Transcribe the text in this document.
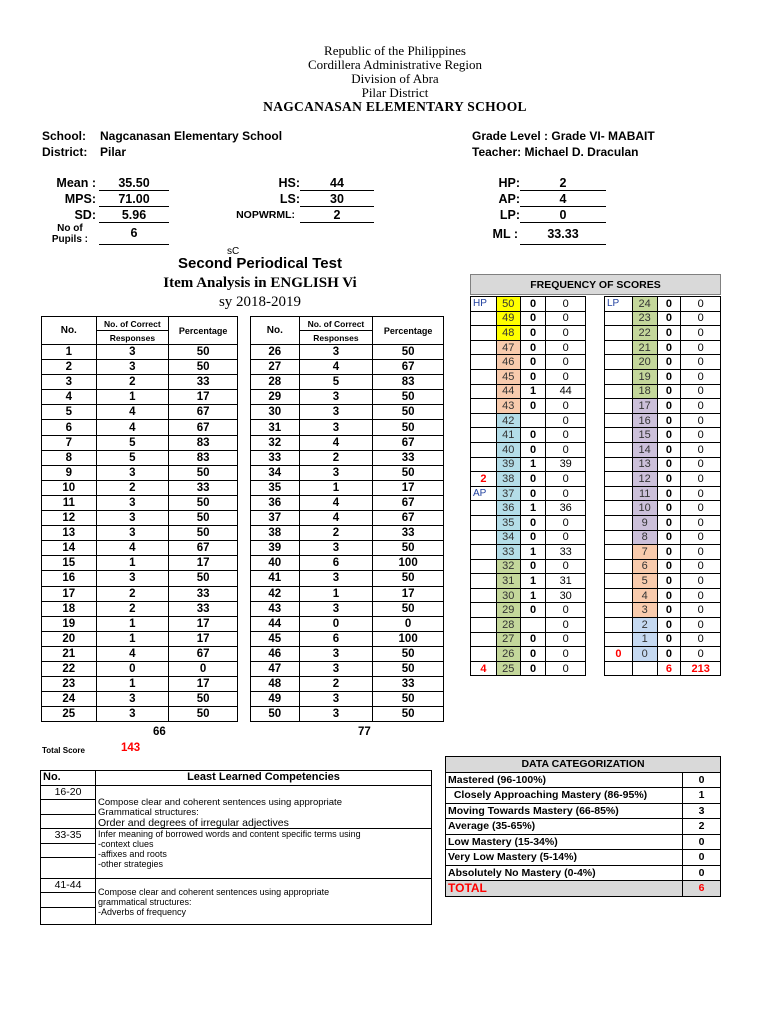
Republic of the Philippines
Cordillera Administrative Region
Division of Abra
Pilar District
NAGCANASAN ELEMENTARY SCHOOL
School: Nagcanasan Elementary School
District: Pilar
Grade Level : Grade VI- MABAIT
Teacher: Michael D. Draculan
Mean :	35.50
MPS:	71.00
SD:	5.96
No of
Pupils :	6
HS:	44
LS:	30
NOPWRML:	2
HP:	2
AP:	4
LP:	0
ML :	33.33
sC
Second Periodical Test
Item Analysis in ENGLISH Vi
sy 2018-2019
No.	No. of Correct	Percentage
	Responses	
1	3	50
2	3	50
3	2	33
4	1	17
5	4	67
6	4	67
7	5	83
8	5	83
9	3	50
10	2	33
11	3	50
12	3	50
13	3	50
14	4	67
15	1	17
16	3	50
17	2	33
18	2	33
19	1	17
20	1	17
21	4	67
22	0	0
23	1	17
24	3	50
25	3	50
No.	No. of Correct	Percentage
	Responses	
26	3	50
27	4	67
28	5	83
29	3	50
30	3	50
31	3	50
32	4	67
33	2	33
34	3	50
35	1	17
36	4	67
37	4	67
38	2	33
39	3	50
40	6	100
41	3	50
42	1	17
43	3	50
44	0	0
45	6	100
46	3	50
47	3	50
48	2	33
49	3	50
50	3	50
66	77
Total Score	143
FREQUENCY OF SCORES
HP	50	0	0
	49	0	0
	48	0	0
	47	0	0
	46	0	0
	45	0	0
	44	1	44
	43	0	0
	42		0
	41	0	0
	40	0	0
	39	1	39
2	38	0	0
AP	37	0	0
	36	1	36
	35	0	0
	34	0	0
	33	1	33
	32	0	0
	31	1	31
	30	1	30
	29	0	0
	28		0
	27	0	0
	26	0	0
4	25	0	0
LP	24	0	0
	23	0	0
	22	0	0
	21	0	0
	20	0	0
	19	0	0
	18	0	0
	17	0	0
	16	0	0
	15	0	0
	14	0	0
	13	0	0
	12	0	0
	11	0	0
	10	0	0
	9	0	0
	8	0	0
	7	0	0
	6	0	0
	5	0	0
	4	0	0
	3	0	0
	2	0	0
	1	0	0
0	0	0	0
		6	213
No.	Least Learned Competencies
16-20	Compose clear and coherent sentences using appropriate
Grammatical structures:
Order and degrees of irregular adjectives

33-35	Infer meaning of borrowed words and content specific terms using
-context clues
-affixes and roots
-other strategies

41-44	Compose clear and coherent sentences using appropriate
grammatical structures:
-Adverbs of frequency

DATA CATEGORIZATION	
Mastered (96-100%)	0
Closely Approaching Mastery (86-95%)	1
Moving Towards Mastery (66-85%)	3
Average (35-65%)	2
Low Mastery (15-34%)	0
Very Low Mastery (5-14%)	0
Absolutely No Mastery (0-4%)	0
TOTAL	6
